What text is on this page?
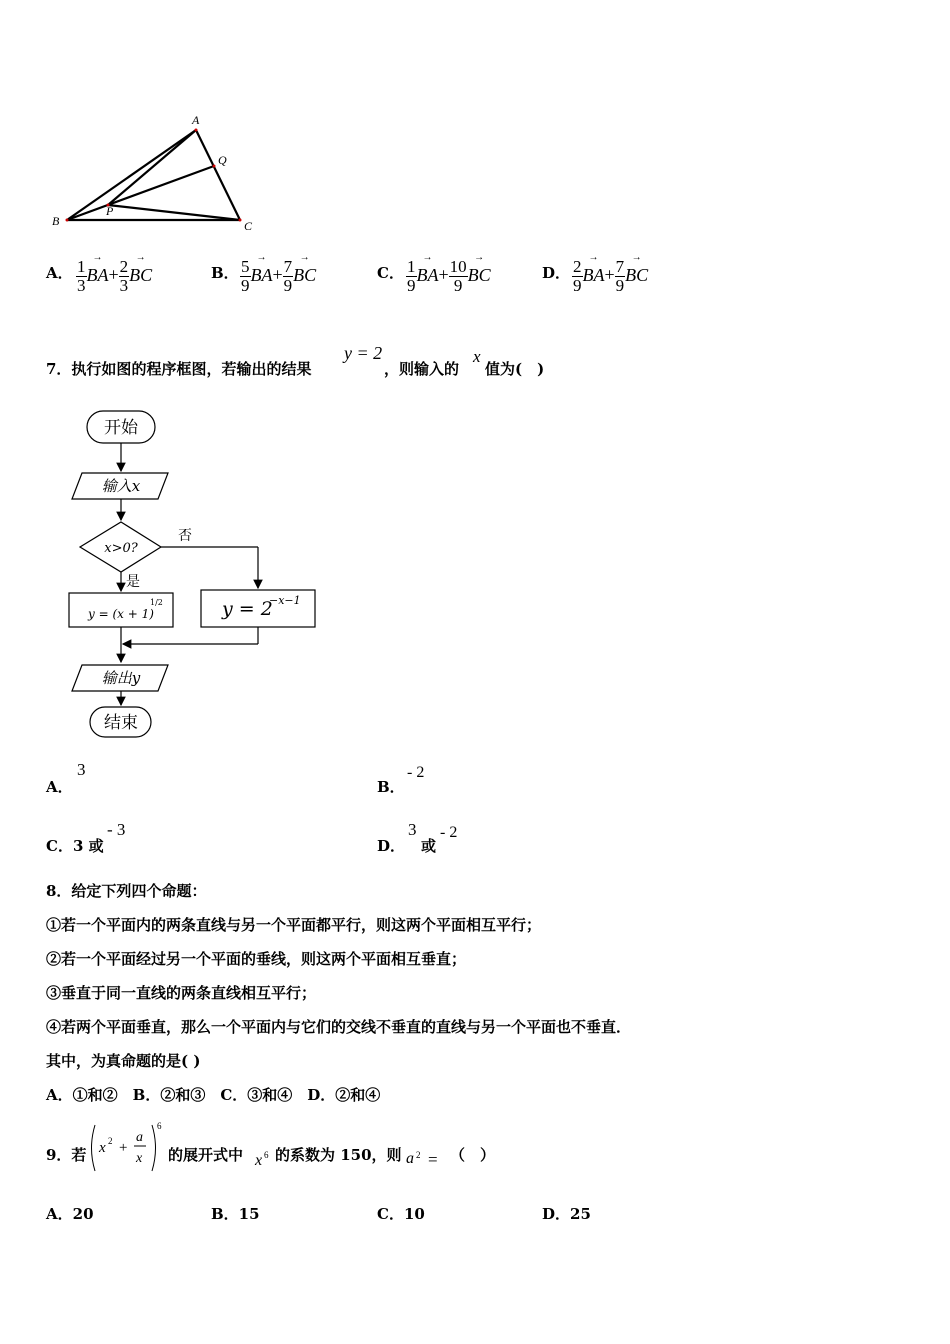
A
Q
B	C
P
A． $\frac{1}{3}$
→ $BA+ \frac{2}{3}$
→ BC	B． $\frac{5}{9}$
→ $BA+ \frac{7}{9}$
→ BC	C． $\frac{1}{9}$
→ $BA+ \frac{10}{9}$
→ BC	D． $\frac{2}{9}$
→ $BA+ \frac{7}{9}$
→ BC
7．执行如图的程序框图，若输出的结果
y = 2
，则输入的
x
值为(　)
开始
输入x
x>0?
否
是
y = (x + 1)
1/2	y = 2
−x−1
输出y
结束
A．
3
B．
- 2
C．3 或
- 3
D．
3
或
- 2
8．给定下列四个命题：
①若一个平面内的两条直线与另一个平面都平行，则这两个平面相互平行；
②若一个平面经过另一个平面的垂线，则这两个平面相互垂直；
③垂直于同一直线的两条直线相互平行；
④若两个平面垂直，那么一个平面内与它们的交线不垂直的直线与另一个平面也不垂直．
其中，为真命题的是( )
A．①和②　B．②和③　C．③和④　D．②和④
9．若 x 2 +
a
x
6
的展开式中 x 6 的系数为 150，则 a 2 = （　）
A．20	B．15	C．10	D．25
